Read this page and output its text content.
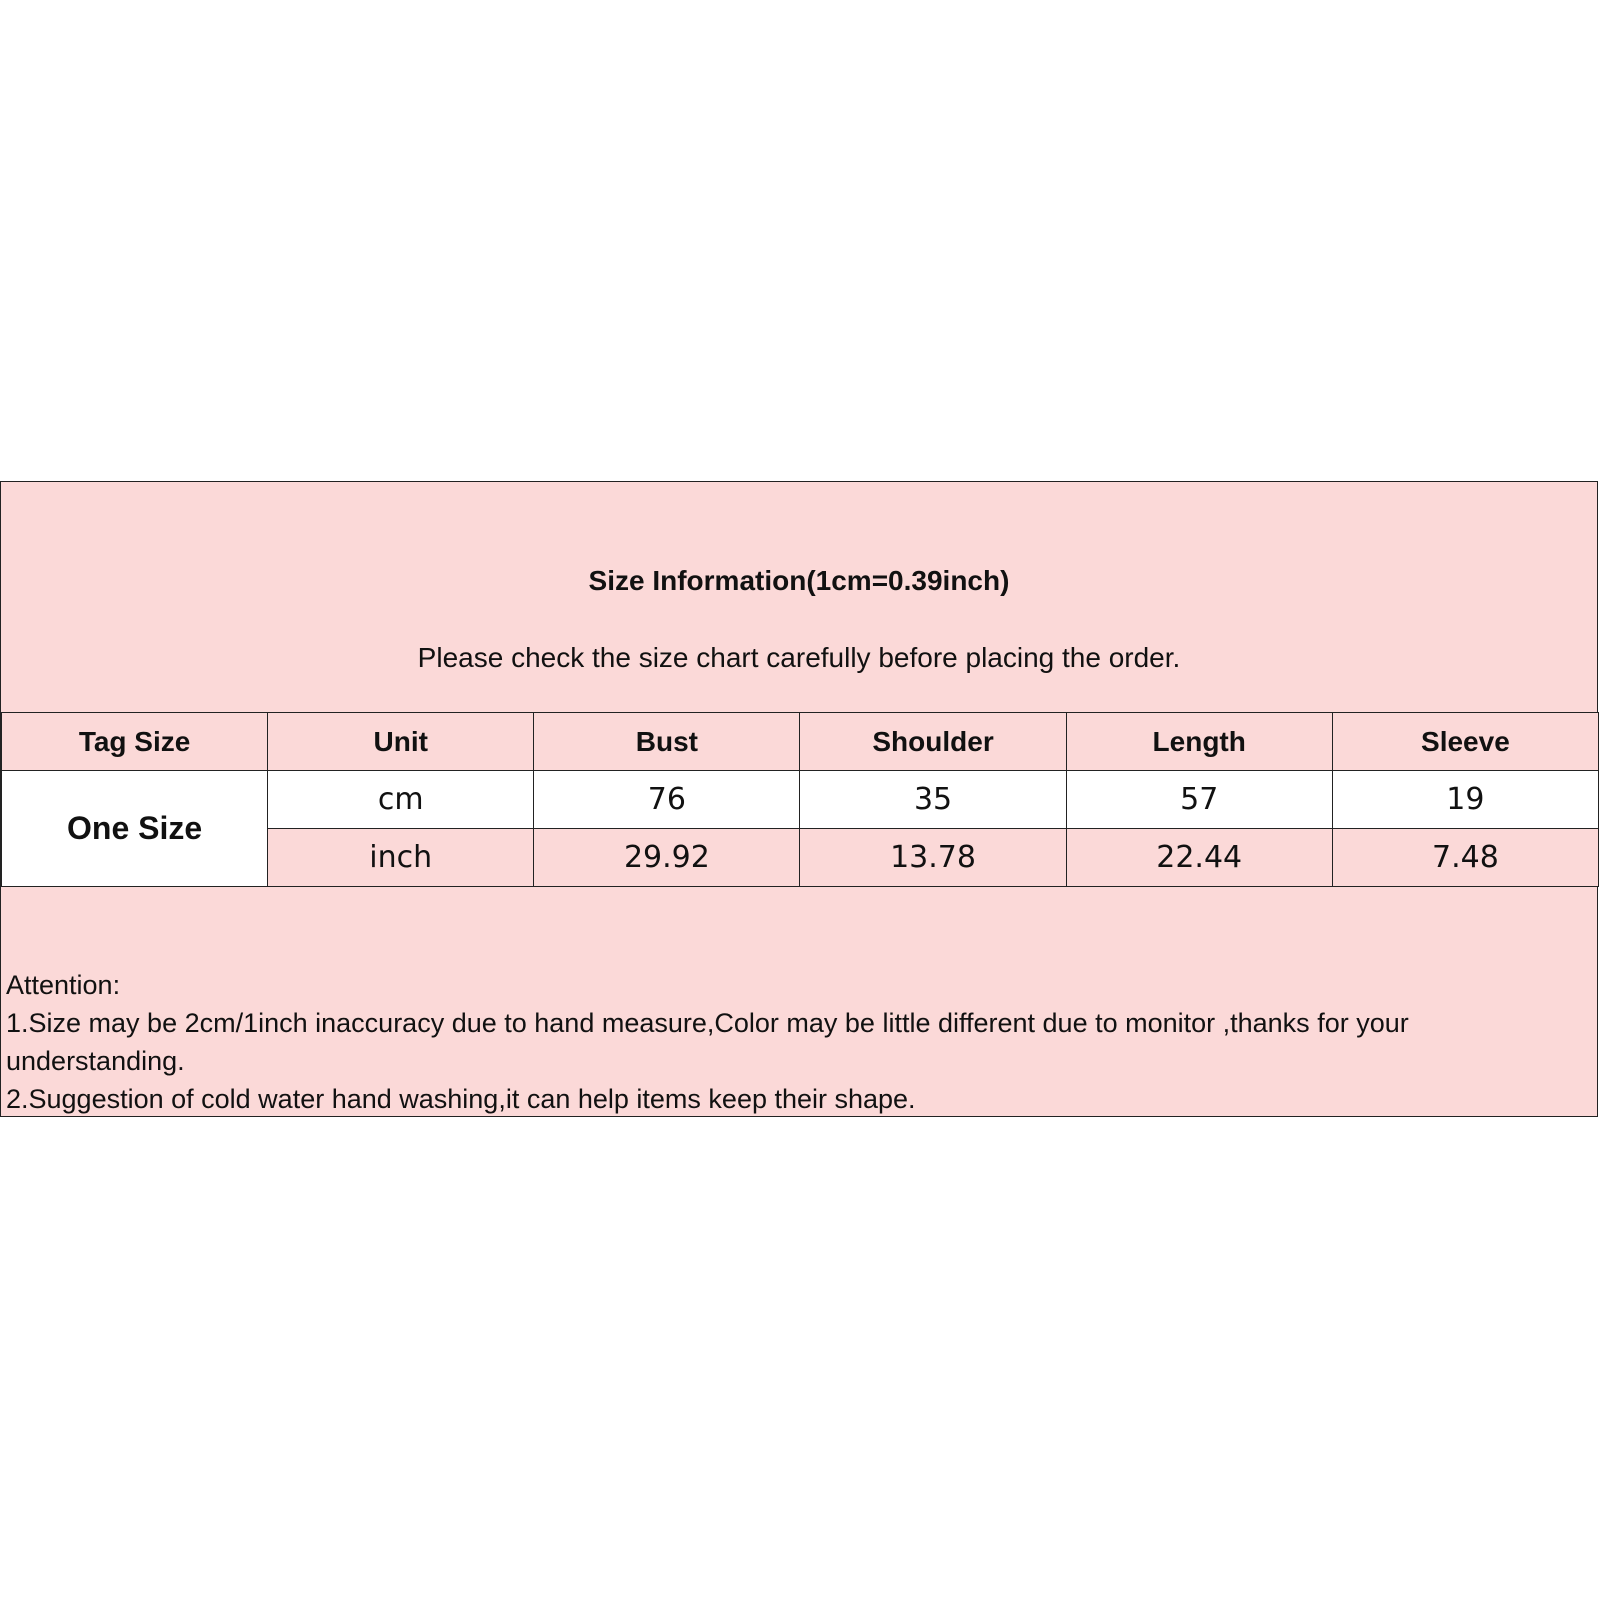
Size Information(1cm=0.39inch)
Please check the size chart carefully before placing the order.
Tag Size	Unit	Bust	Shoulder	Length	Sleeve
One Size	cm	76	35	57	19
	inch	29.92	13.78	22.44	7.48
Attention:
1.Size may be 2cm/1inch inaccuracy due to hand measure,Color may be little different due to monitor ,thanks for your understanding.
2.Suggestion of cold water hand washing,it can help items keep their shape.
